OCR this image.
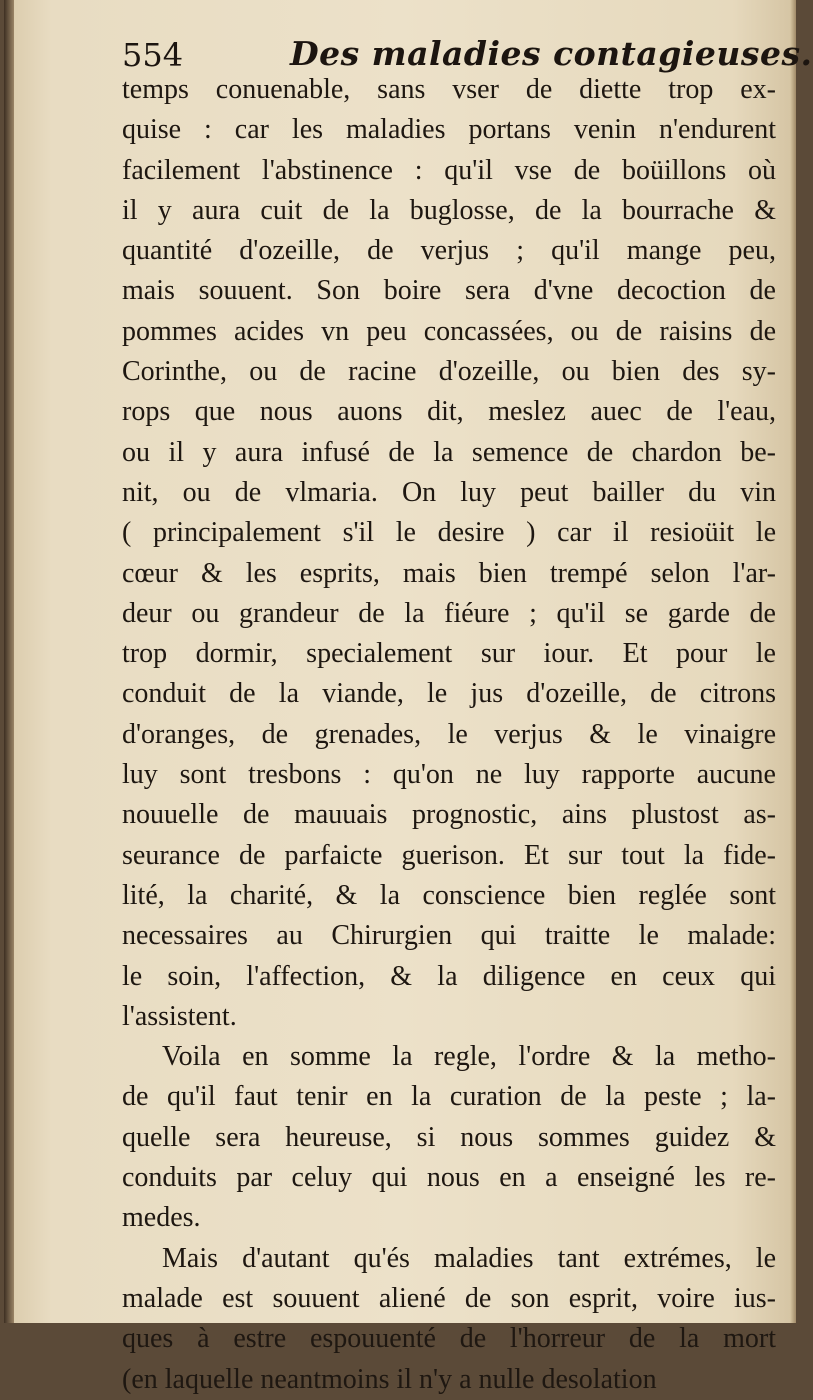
554	Des maladies contagieuses.
temps conuenable, sans vser de diette trop ex-
quise : car les maladies portans venin n'endurent
facilement l'abstinence : qu'il vse de boüillons où
il y aura cuit de la buglosse, de la bourrache &
quantité d'ozeille, de verjus ; qu'il mange peu,
mais souuent. Son boire sera d'vne decoction de
pommes acides vn peu concassées, ou de raisins de
Corinthe, ou de racine d'ozeille, ou bien des sy-
rops que nous auons dit, meslez auec de l'eau,
ou il y aura infusé de la semence de chardon be-
nit, ou de vlmaria. On luy peut bailler du vin
( principalement s'il le desire ) car il resioüit le
cœur & les esprits, mais bien trempé selon l'ar-
deur ou grandeur de la fiéure ; qu'il se garde de
trop dormir, specialement sur iour. Et pour le
conduit de la viande, le jus d'ozeille, de citrons
d'oranges, de grenades, le verjus & le vinaigre
luy sont tresbons : qu'on ne luy rapporte aucune
nouuelle de mauuais prognostic, ains plustost as-
seurance de parfaicte guerison. Et sur tout la fide-
lité, la charité, & la conscience bien reglée sont
necessaires au Chirurgien qui traitte le malade:
le soin, l'affection, & la diligence en ceux qui
l'assistent.
Voila en somme la regle, l'ordre & la metho-
de qu'il faut tenir en la curation de la peste ; la-
quelle sera heureuse, si nous sommes guidez &
conduits par celuy qui nous en a enseigné les re-
medes.
Mais d'autant qu'és maladies tant extrémes, le
malade est souuent aliené de son esprit, voire ius-
ques à estre espouuenté de l'horreur de la mort
(en laquelle neantmoins il n'y a nulle desolation
